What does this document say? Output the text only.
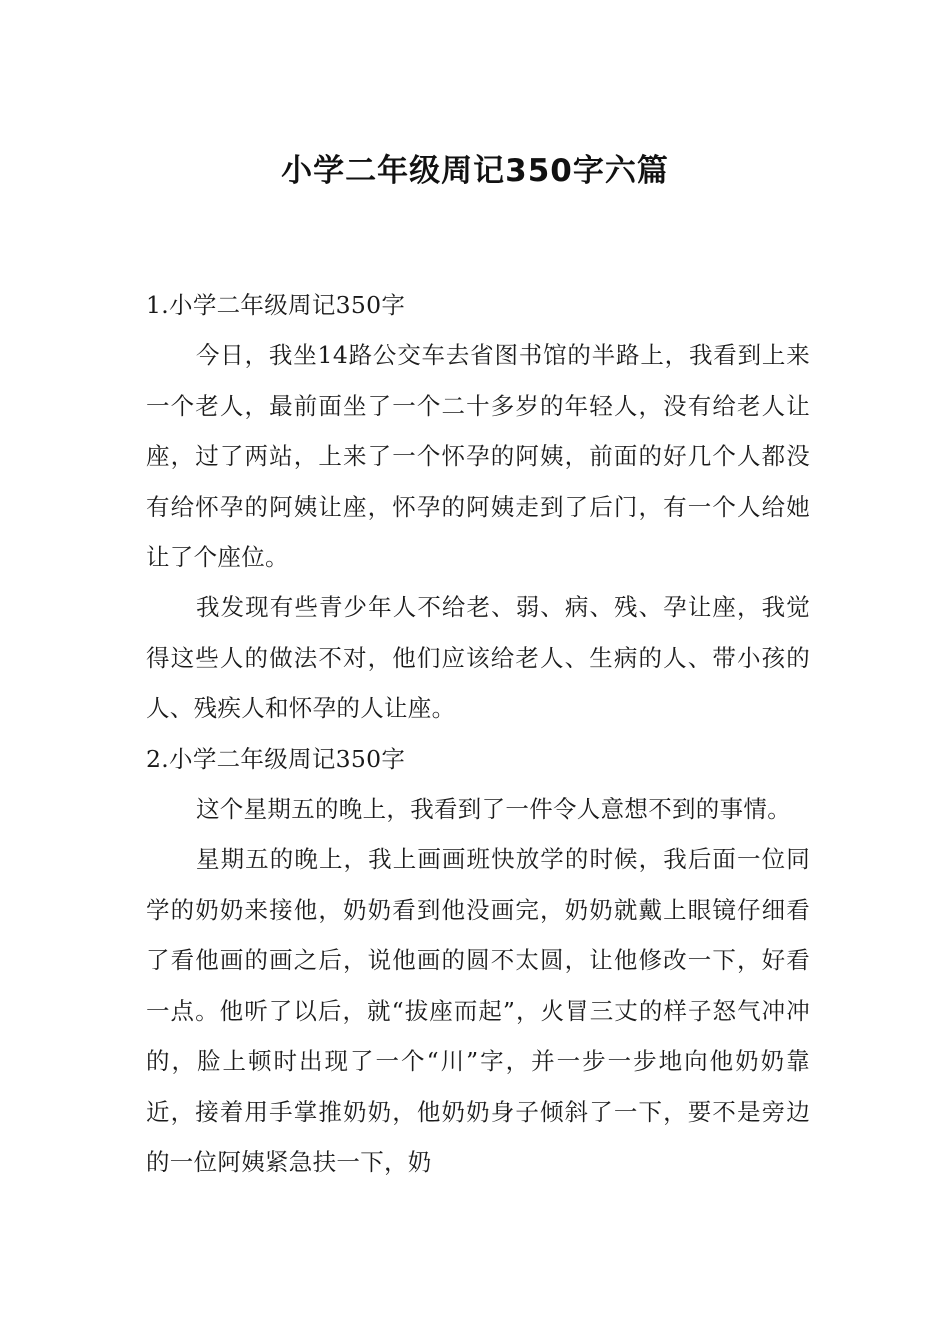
小学二年级周记350字六篇

1.小学二年级周记350字

今日，我坐14路公交车去省图书馆的半路上，我看到上来一个老人，最前面坐了一个二十多岁的年轻人，没有给老人让座，过了两站，上来了一个怀孕的阿姨，前面的好几个人都没有给怀孕的阿姨让座，怀孕的阿姨走到了后门，有一个人给她让了个座位。

我发现有些青少年人不给老、弱、病、残、孕让座，我觉得这些人的做法不对，他们应该给老人、生病的人、带小孩的人、残疾人和怀孕的人让座。

2.小学二年级周记350字

这个星期五的晚上，我看到了一件令人意想不到的事情。

星期五的晚上，我上画画班快放学的时候，我后面一位同学的奶奶来接他，奶奶看到他没画完，奶奶就戴上眼镜仔细看了看他画的画之后，说他画的圆不太圆，让他修改一下，好看一点。他听了以后，就“拔座而起”，火冒三丈的样子怒气冲冲的，脸上顿时出现了一个“川”字，并一步一步地向他奶奶靠近，接着用手掌推奶奶，他奶奶身子倾斜了一下，要不是旁边的一位阿姨紧急扶一下，奶
